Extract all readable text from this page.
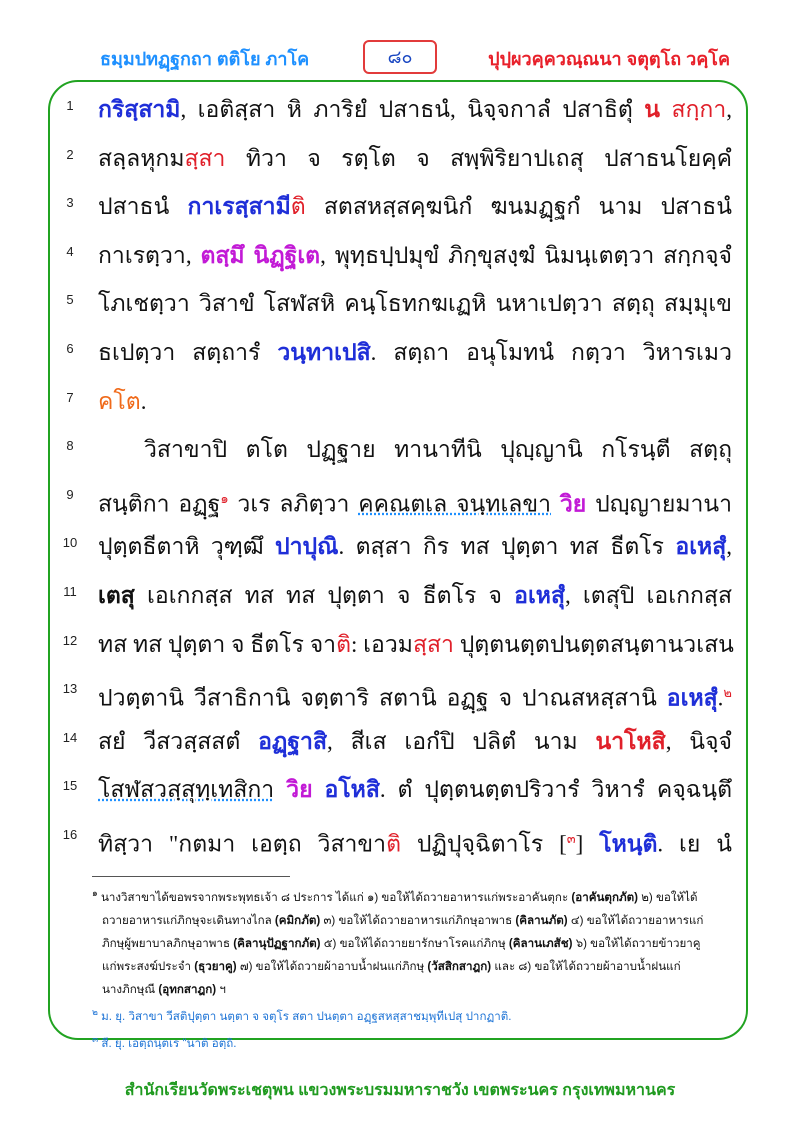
ธมฺมปทฏฺฐกถา ตติโย ภาโค	๘๐	ปุปฺผวคฺควณฺณนา จตุตฺโถ วคฺโค
1	กริสฺสามิ, เอติสฺสา หิ ภาริยํ ปสาธนํ, นิจฺจกาลํ ปสาธิตุํ น สกฺกา,
2	สลฺลหุกมสฺสา ทิวา จ รตฺโต จ สพฺพิริยาปเถสุ ปสาธนโยคฺคํ
3	ปสาธนํ กาเรสฺสามีติ สตสหสฺสคฺฆนิกํ ฆนมฏฺฐกํ นาม ปสาธนํ
4	กาเรตฺวา, ตสฺมึ นิฏฺฐิเต, พุทฺธปฺปมุขํ ภิกฺขุสงฺฆํ นิมนฺเตตฺวา สกฺกจฺจํ
5	โภเชตฺวา วิสาขํ โสฬสหิ คนฺโธทกฆเฏหิ นหาเปตฺวา สตฺถุ สมฺมุเข
6	ธเปตฺวา สตฺถารํ วนฺทาเปสิ. สตฺถา อนุโมทนํ กตฺวา วิหารเมว
7	คโต.
8	วิสาขาปิ ตโต ปฏฺฐาย ทานาทีนิ ปุญฺญานิ กโรนฺตี สตฺถุ
9	สนฺติกา อฏฺฐ$^๑$ วเร ลภิตฺวา คคณตเล จนฺทเลขา วิย ปญฺญายมานา
10 ปุตฺตธีตาหิ วุฑฺฒึ ปาปุณิ. ตสฺสา กิร ทส ปุตฺตา ทส ธีตโร อเหสุํ,
11 เตสุ เอเกกสฺส ทส ทส ปุตฺตา จ ธีตโร จ อเหสุํ, เตสุปิ เอเกกสฺส
12 ทส ทส ปุตฺตา จ ธีตโร จาติ: เอวมสฺสา ปุตฺตนตฺตปนตฺตสนฺตานวเสน
13 ปวตฺตานิ วีสาธิกานิ จตฺตาริ สตานิ อฏฺฐ จ ปาณสหสฺสานิ อเหสุํ.$^๒$
14 สยํ วีสวสฺสสตํ อฏฺฐาสิ, สีเส เอกํปิ ปลิตํ นาม นาโหสิ, นิจฺจํ
15 โสฬสวสฺสุทฺเทสิกา วิย อโหสิ. ตํ ปุตฺตนตฺตปริวารํ วิหารํ คจฺฉนฺตึ
16 ทิสฺวา "กตมา เอตฺถ วิสาขาติ ปฏิปุจฺฉิตาโร [$^๓$] โหนฺติ. เย นํ
$^๑$ นางวิสาขาได้ขอพรจากพระพุทธเจ้า ๘ ประการ ได้แก่ ๑) ขอให้ได้ถวายอาหารแก่พระอาคันตุกะ (อาคันตุกภัต) ๒) ขอให้ได้
ถวายอาหารแก่ภิกษุจะเดินทางไกล (คมิกภัต) ๓) ขอให้ได้ถวายอาหารแก่ภิกษุอาพาธ (คิลานภัต) ๔) ขอให้ได้ถวายอาหารแก่
ภิกษุผู้พยาบาลภิกษุอาพาธ (คิลานุปัฏฐากภัต) ๕) ขอให้ได้ถวายยารักษาโรคแก่ภิกษุ (คิลานเภสัช) ๖) ขอให้ได้ถวายข้าวยาคู
แก่พระสงฆ์ประจำ (ธุวยาคู) ๗) ขอให้ได้ถวายผ้าอาบน้ำฝนแก่ภิกษุ (วัสสิกสาฎก) และ ๘) ขอให้ได้ถวายผ้าอาบน้ำฝนแก่
นางภิกษุณี (อุทกสาฎก) ฯ
$^๒$ ม. ยุ. วิสาขา วีสติปุตฺตา นตฺตา จ จตุโร สตา ปนตฺตา อฏฺฐสหสฺสาชมฺพุทีเปสุ ปากฏาติ.
$^๓$ สี. ยุ. เอตฺถนฺตเร "นาติ อตฺถิ.
สำนักเรียนวัดพระเชตุพน แขวงพระบรมมหาราชวัง เขตพระนคร กรุงเทพมหานคร
